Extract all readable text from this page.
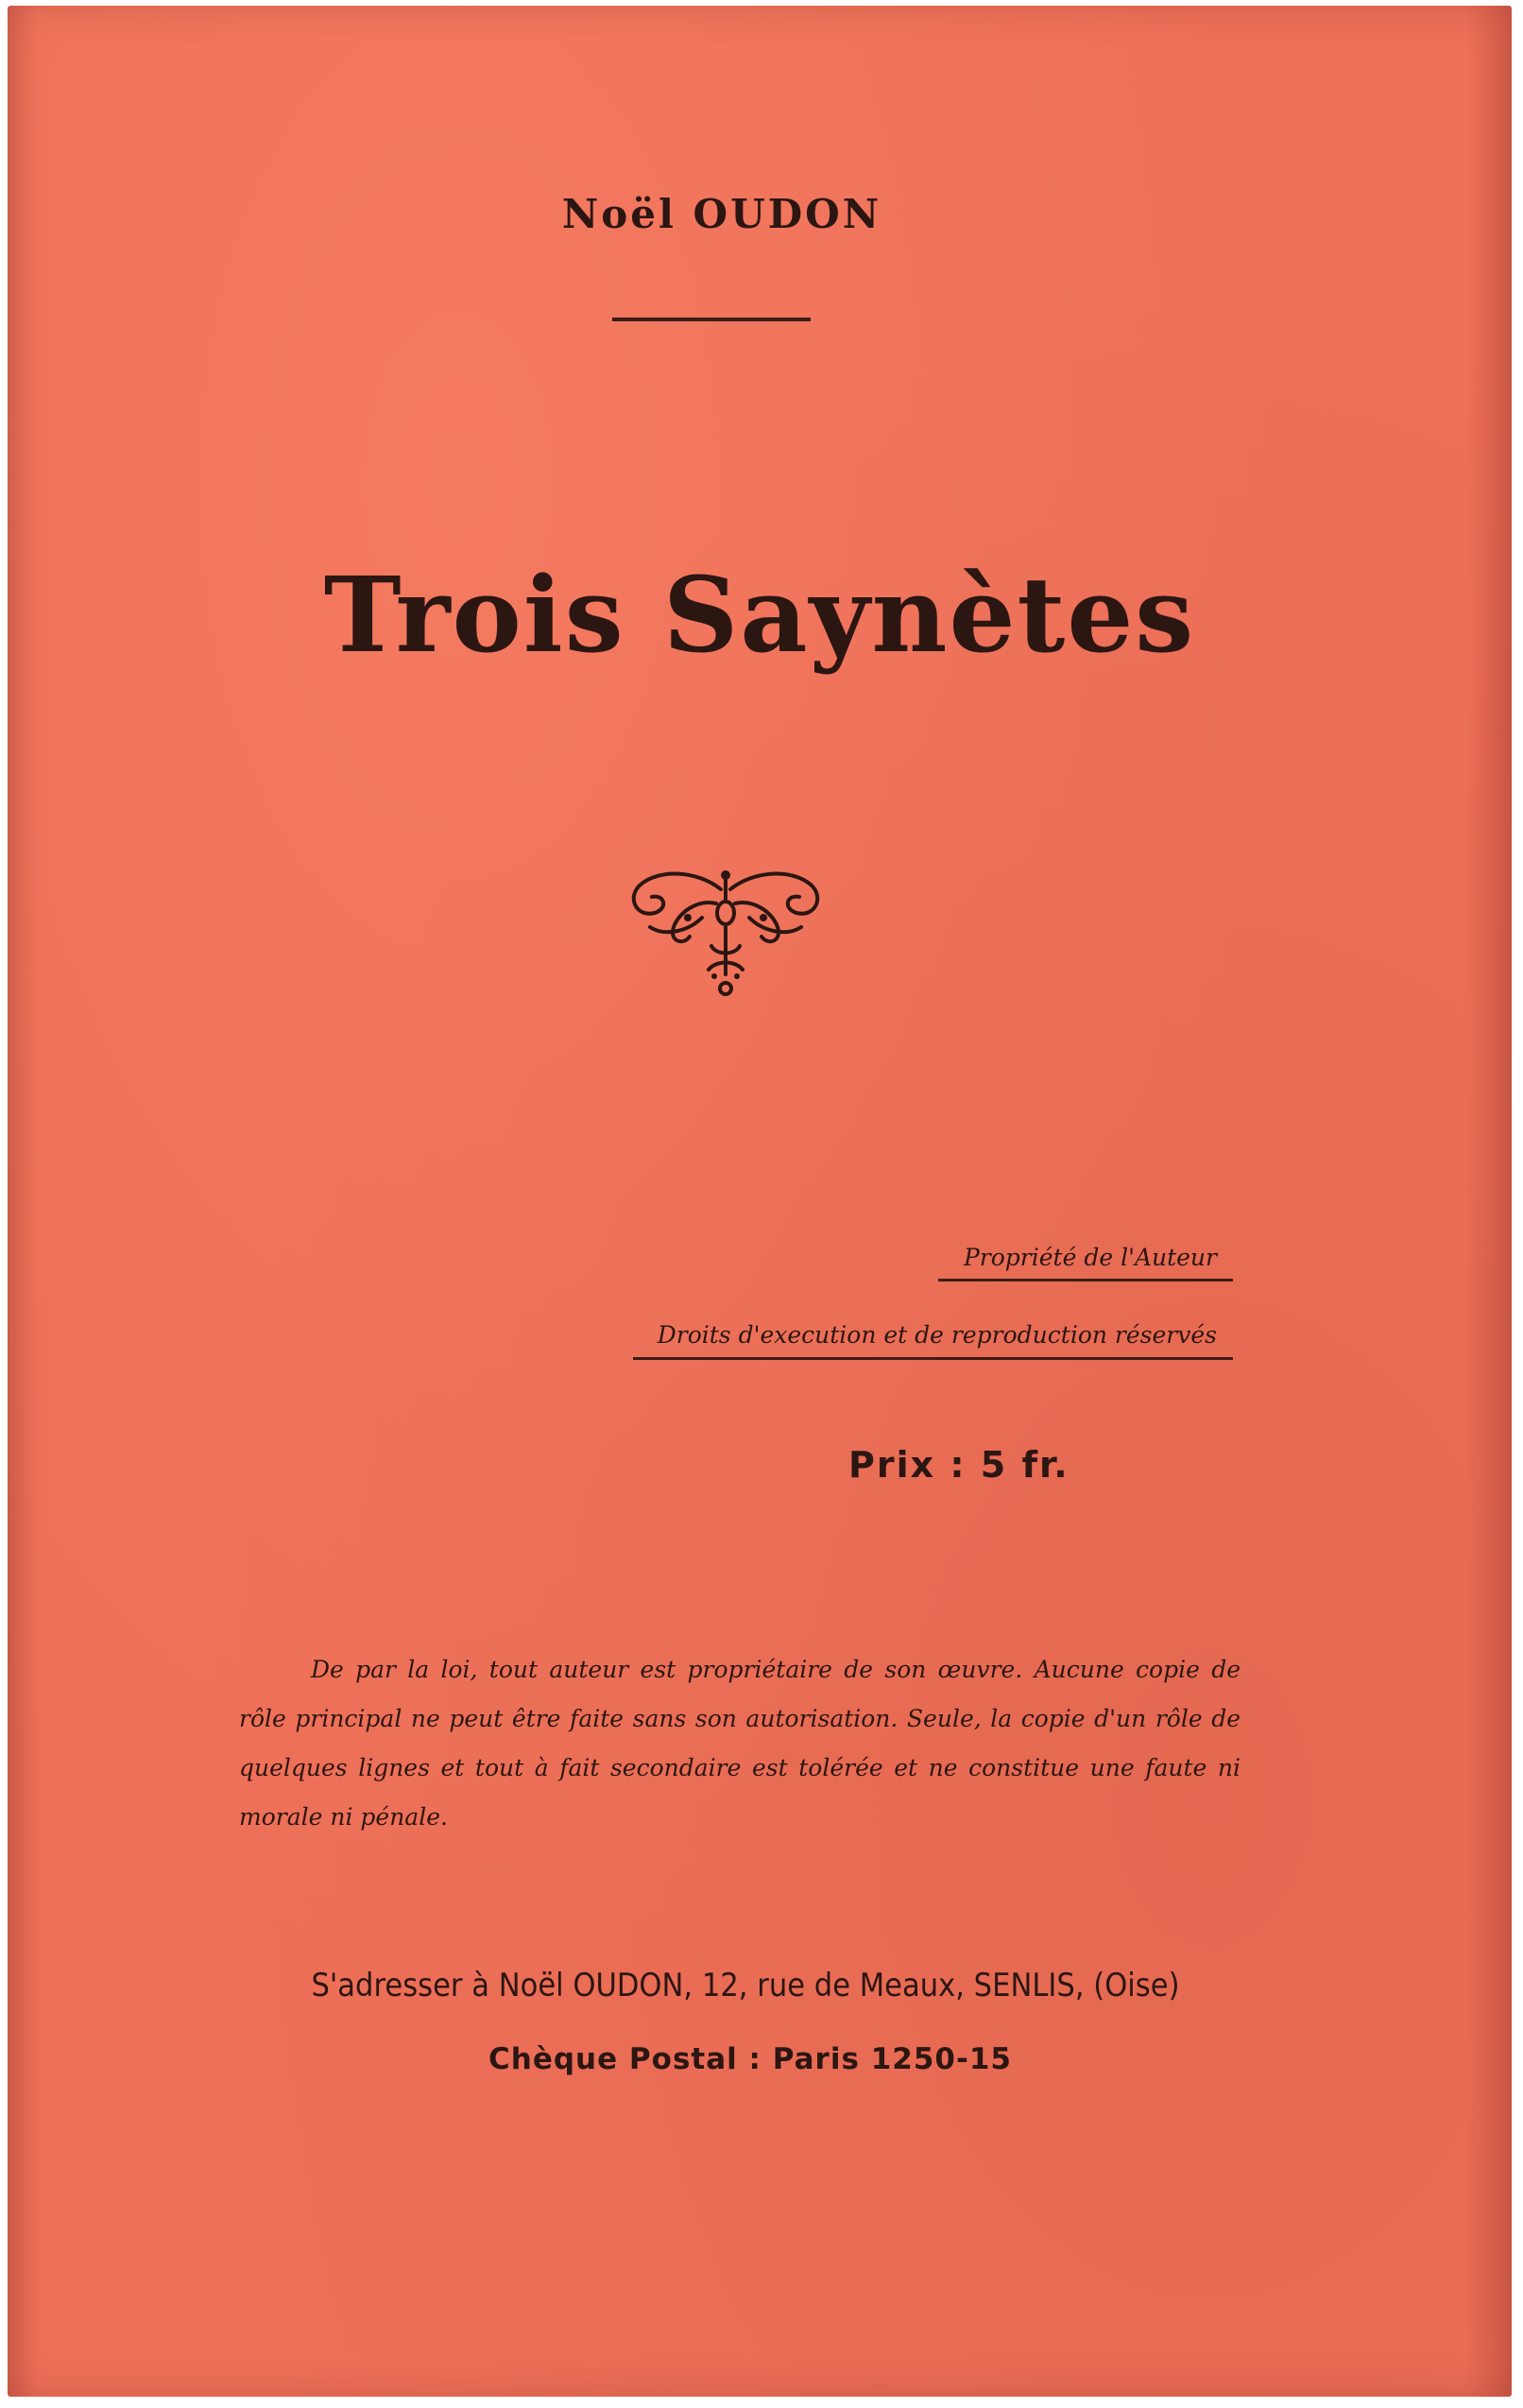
Noël OUDON
Trois Saynètes
Propriété de l'Auteur
Droits d'execution et de reproduction réservés
Prix : 5 fr.
De par la loi, tout auteur est propriétaire de son œuvre. Aucune copie de rôle principal ne peut être faite sans son autorisation. Seule, la copie d'un rôle de quelques lignes et tout à fait secondaire est tolérée et ne constitue une faute ni morale ni pénale.
S'adresser à Noël OUDON, 12, rue de Meaux, SENLIS, (Oise)
Chèque Postal : Paris 1250-15
